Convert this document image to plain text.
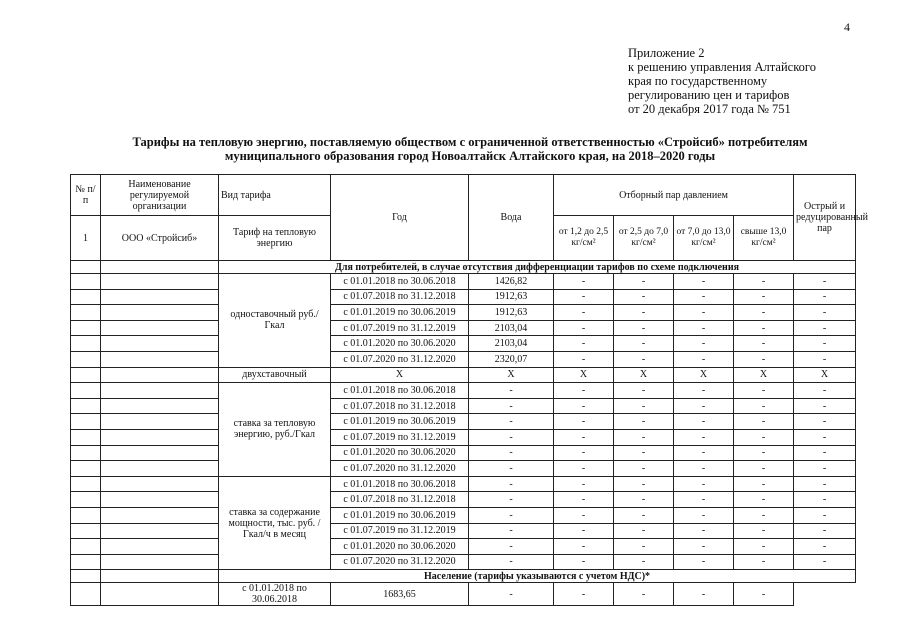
4
Приложение 2
к решению управления Алтайского
края по государственному
регулированию цен и тарифов
от 20 декабря 2017 года № 751
Тарифы на тепловую энергию, поставляемую обществом с ограниченной ответственностью «Стройсиб» потребителям
муниципального образования город Новоалтайск Алтайского края, на 2018–2020 годы
№ п/п	Наименование регулируемой организации	Вид тарифа	Год	Вода	Отборный пар давлением				Острый и редуцированный пар
1	ООО «Стройсиб»	Тариф на тепловую энергию			от 1,2 до 2,5 кг/см²	от 2,5 до 7,0 кг/см²	от 7,0 до 13,0 кг/см²	свыше 13,0 кг/см²	
		Для потребителей, в случае отсутствия дифференциации тарифов по схеме подключения							
		одноставочный руб./Гкал	с 01.01.2018 по 30.06.2018	1426,82	-	-	-	-	-
			с 01.07.2018 по 31.12.2018	1912,63	-	-	-	-	-
			с 01.01.2019 по 30.06.2019	1912,63	-	-	-	-	-
			с 01.07.2019 по 31.12.2019	2103,04	-	-	-	-	-
			с 01.01.2020 по 30.06.2020	2103,04	-	-	-	-	-
			с 01.07.2020 по 31.12.2020	2320,07	-	-	-	-	-
		двухставочный	X	X	X	X	X	X	X
		ставка за тепловую энергию, руб./Гкал	с 01.01.2018 по 30.06.2018	-	-	-	-	-	-
			с 01.07.2018 по 31.12.2018	-	-	-	-	-	-
			с 01.01.2019 по 30.06.2019	-	-	-	-	-	-
			с 01.07.2019 по 31.12.2019	-	-	-	-	-	-
			с 01.01.2020 по 30.06.2020	-	-	-	-	-	-
			с 01.07.2020 по 31.12.2020	-	-	-	-	-	-
		ставка за содержание мощности, тыс. руб. /Гкал/ч в месяц	с 01.01.2018 по 30.06.2018	-	-	-	-	-	-
			с 01.07.2018 по 31.12.2018	-	-	-	-	-	-
			с 01.01.2019 по 30.06.2019	-	-	-	-	-	-
			с 01.07.2019 по 31.12.2019	-	-	-	-	-	-
			с 01.01.2020 по 30.06.2020	-	-	-	-	-	-
			с 01.07.2020 по 31.12.2020	-	-	-	-	-	-
		Население (тарифы указываются с учетом НДС)*							
		с 01.01.2018 по 30.06.2018	1683,65	-	-	-	-	-	
